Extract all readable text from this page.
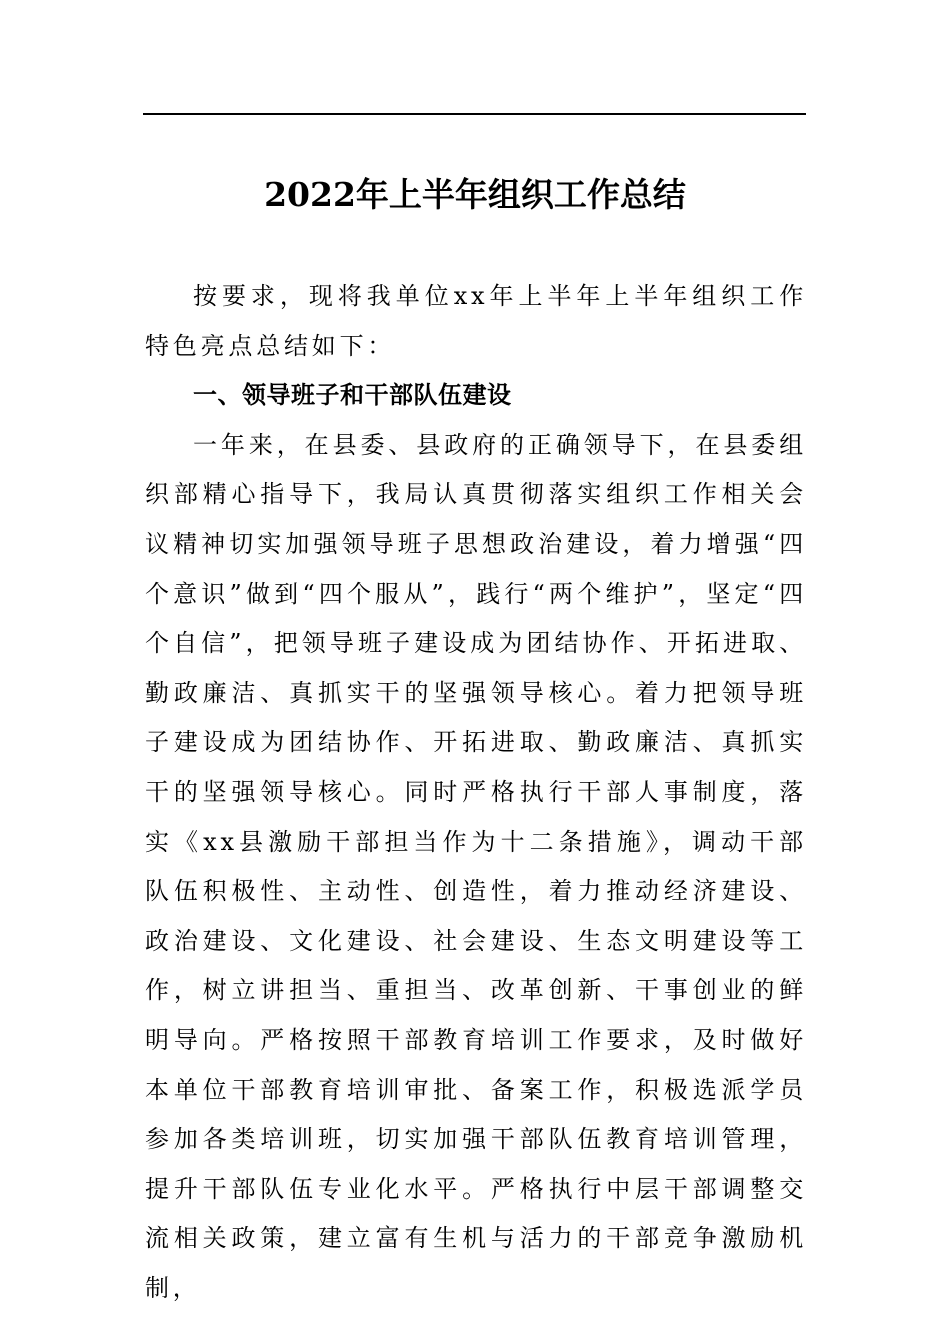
2022年上半年组织工作总结

按要求，现将我单位xx年上半年上半年组织工作特色亮点总结如下：

一、领导班子和干部队伍建设

一年来，在县委、县政府的正确领导下，在县委组织部精心指导下，我局认真贯彻落实组织工作相关会议精神切实加强领导班子思想政治建设，着力增强“四个意识”做到“四个服从”，践行“两个维护”，坚定“四个自信”，把领导班子建设成为团结协作、开拓进取、勤政廉洁、真抓实干的坚强领导核心。着力把领导班子建设成为团结协作、开拓进取、勤政廉洁、真抓实干的坚强领导核心。同时严格执行干部人事制度，落实《xx县激励干部担当作为十二条措施》，调动干部队伍积极性、主动性、创造性，着力推动经济建设、政治建设、文化建设、社会建设、生态文明建设等工作，树立讲担当、重担当、改革创新、干事创业的鲜明导向。严格按照干部教育培训工作要求，及时做好本单位干部教育培训审批、备案工作，积极选派学员参加各类培训班，切实加强干部队伍教育培训管理，提升干部队伍专业化水平。严格执行中层干部调整交流相关政策，建立富有生机与活力的干部竞争激励机制，
